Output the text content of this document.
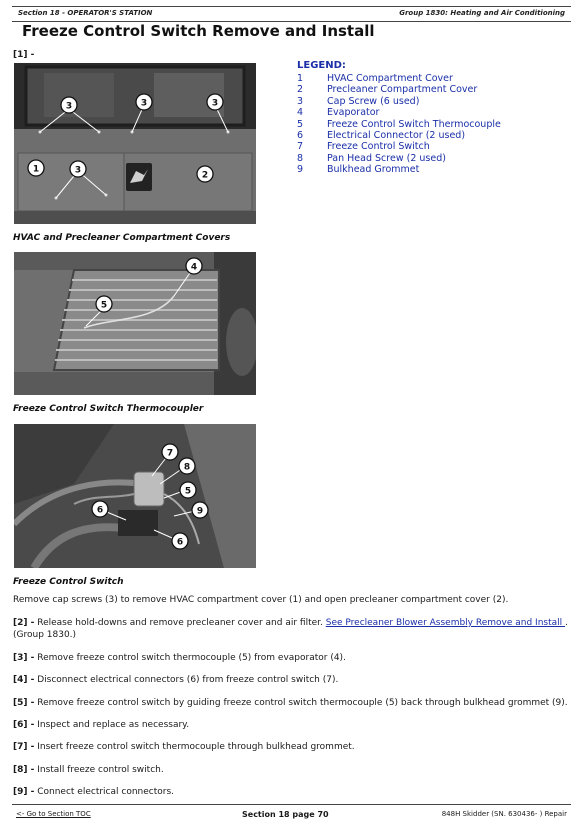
Section 18 - OPERATOR'S STATION	Group 1830: Heating and Air Conditioning
Freeze Control Switch Remove and Install
[1] -
3	3	3
1	3	2
LEGEND:
1	HVAC Compartment Cover
2	Precleaner Compartment Cover
3	Cap Screw (6 used)
4	Evaporator
5	Freeze Control Switch Thermocouple
6	Electrical Connector (2 used)
7	Freeze Control Switch
8	Pan Head Screw (2 used)
9	Bulkhead Grommet
HVAC and Precleaner Compartment Covers
4
5
Freeze Control Switch Thermocoupler
7
8
5
9
6
6
Freeze Control Switch
Remove cap screws (3) to remove HVAC compartment cover (1) and open precleaner compartment cover (2).
[2] - Release hold-downs and remove precleaner cover and air filter. See Precleaner Blower Assembly Remove and Install .
(Group 1830.)
[3] - Remove freeze control switch thermocouple (5) from evaporator (4).
[4] - Disconnect electrical connectors (6) from freeze control switch (7).
[5] - Remove freeze control switch by guiding freeze control switch thermocouple (5) back through bulkhead grommet (9).
[6] - Inspect and replace as necessary.
[7] - Insert freeze control switch thermocouple through bulkhead grommet.
[8] - Install freeze control switch.
[9] - Connect electrical connectors.
<- Go to Section TOC	Section 18 page 70	848H Skidder (SN. 630436- ) Repair
